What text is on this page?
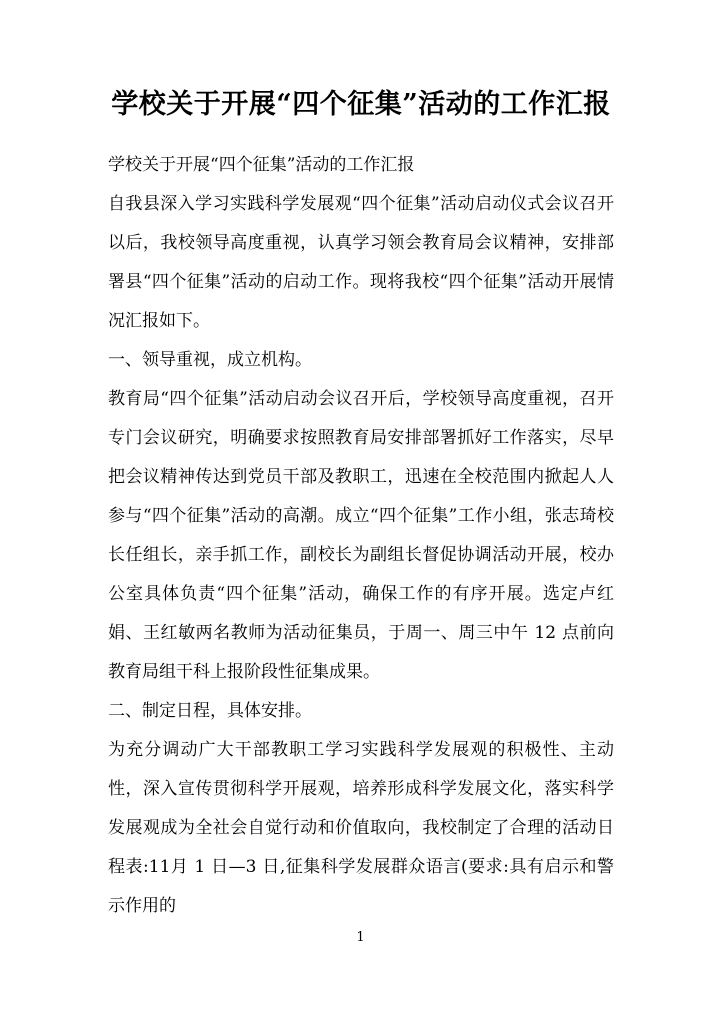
学校关于开展“四个征集”活动的工作汇报

学校关于开展“四个征集”活动的工作汇报

自我县深入学习实践科学发展观“四个征集”活动启动仪式会议召开以后，我校领导高度重视，认真学习领会教育局会议精神，安排部署县“四个征集”活动的启动工作。现将我校“四个征集”活动开展情况汇报如下。

一、领导重视，成立机构。

教育局“四个征集”活动启动会议召开后，学校领导高度重视，召开专门会议研究，明确要求按照教育局安排部署抓好工作落实，尽早把会议精神传达到党员干部及教职工，迅速在全校范围内掀起人人参与“四个征集”活动的高潮。成立“四个征集”工作小组，张志琦校长任组长，亲手抓工作，副校长为副组长督促协调活动开展，校办公室具体负责“四个征集”活动，确保工作的有序开展。选定卢红娟、王红敏两名教师为活动征集员，于周一、周三中午 12 点前向教育局组干科上报阶段性征集成果。

二、制定日程，具体安排。

为充分调动广大干部教职工学习实践科学发展观的积极性、主动性，深入宣传贯彻科学开展观，培养形成科学发展文化，落实科学发展观成为全社会自觉行动和价值取向，我校制定了合理的活动日程表:11月 1 日—3 日,征集科学发展群众语言(要求:具有启示和警示作用的

1
